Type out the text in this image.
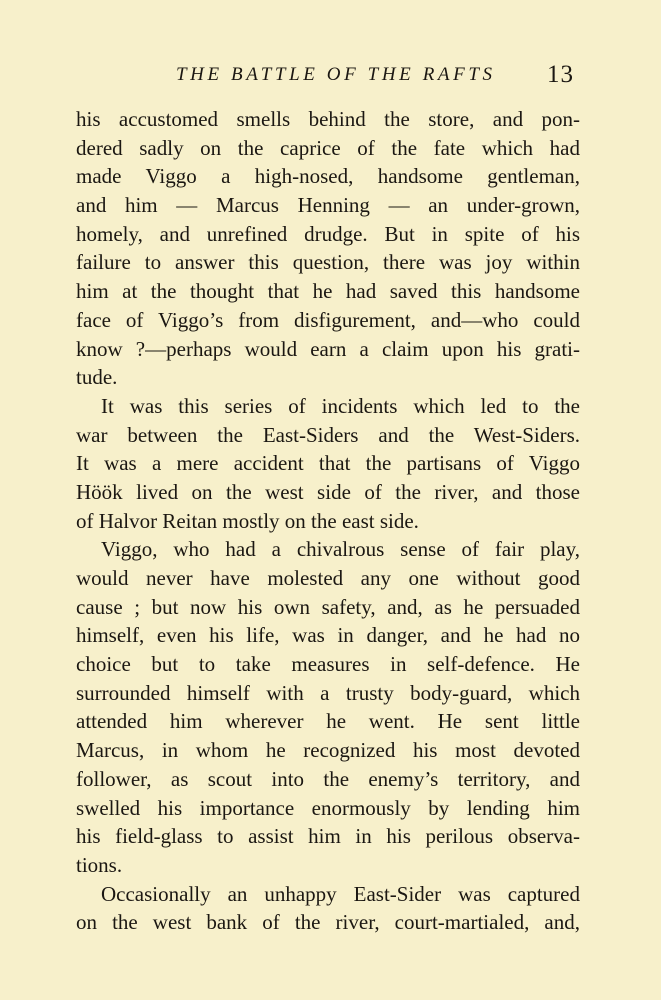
THE BATTLE OF THE RAFTS 13
his accustomed smells behind the store, and pon-
dered sadly on the caprice of the fate which had
made Viggo a high-nosed, handsome gentleman,
and him — Marcus Henning — an under-grown,
homely, and unrefined drudge. But in spite of his
failure to answer this question, there was joy within
him at the thought that he had saved this handsome
face of Viggo’s from disfigurement, and—who could
know ?—perhaps would earn a claim upon his grati-
tude.
It was this series of incidents which led to the
war between the East-Siders and the West-Siders.
It was a mere accident that the partisans of Viggo
Höök lived on the west side of the river, and those
of Halvor Reitan mostly on the east side.
Viggo, who had a chivalrous sense of fair play,
would never have molested any one without good
cause ; but now his own safety, and, as he persuaded
himself, even his life, was in danger, and he had no
choice but to take measures in self-defence. He
surrounded himself with a trusty body-guard, which
attended him wherever he went. He sent little
Marcus, in whom he recognized his most devoted
follower, as scout into the enemy’s territory, and
swelled his importance enormously by lending him
his field-glass to assist him in his perilous observa-
tions.
Occasionally an unhappy East-Sider was captured
on the west bank of the river, court-martialed, and,
